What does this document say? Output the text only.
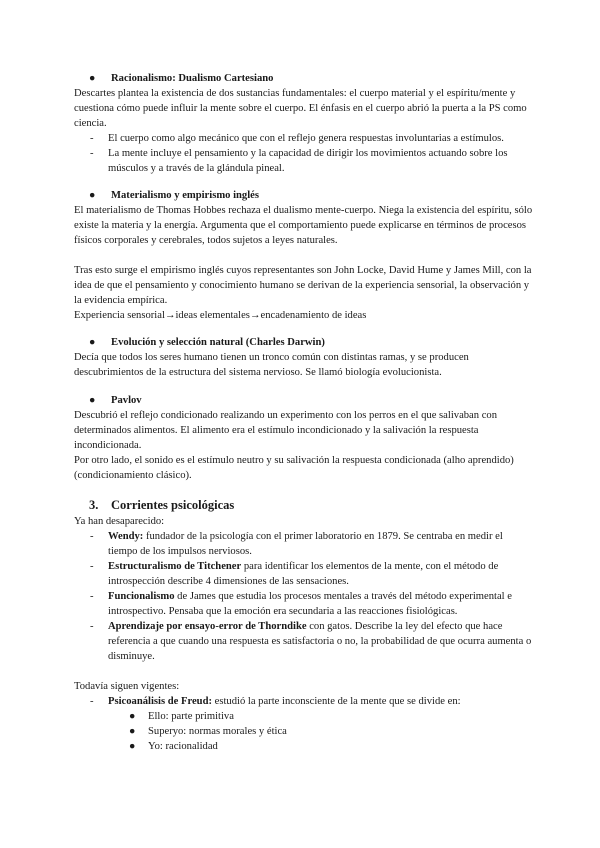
●	Racionalismo: Dualismo Cartesiano

Descartes plantea la existencia de dos sustancias fundamentales: el cuerpo material y el espíritu/mente y cuestiona cómo puede influir la mente sobre el cuerpo. El énfasis en el cuerpo abrió la puerta a la PS como ciencia.

-	El cuerpo como algo mecánico que con el reflejo genera respuestas involuntarias a estímulos.
-	La mente incluye el pensamiento y la capacidad de dirigir los movimientos actuando sobre los músculos y a través de la glándula pineal.
●	Materialismo y empirismo inglés

El materialismo de Thomas Hobbes rechaza el dualismo mente-cuerpo. Niega la existencia del espíritu, sólo existe la materia y la energía. Argumenta que el comportamiento puede explicarse en términos de procesos físicos corporales y cerebrales, todos sujetos a leyes naturales.

Tras esto surge el empirismo inglés cuyos representantes son John Locke, David Hume y James Mill, con la idea de que el pensamiento y conocimiento humano se derivan de la experiencia sensorial, la observación y la evidencia empírica.

Experiencia sensorial→ideas elementales→encadenamiento de ideas

●	Evolución y selección natural (Charles Darwin)

Decía que todos los seres humano tienen un tronco común con distintas ramas, y se producen descubrimientos de la estructura del sistema nervioso. Se llamó biología evolucionista.

●	Pavlov

Descubrió el reflejo condicionado realizando un experimento con los perros en el que salivaban con determinados alimentos. El alimento era el estímulo incondicionado y la salivación la respuesta incondicionada.

Por otro lado, el sonido es el estímulo neutro y su salivación la respuesta condicionada (alho aprendido)(condicionamiento clásico).

3.	Corrientes psicológicas

Ya han desaparecido:

-	Wendy: fundador de la psicología con el primer laboratorio en 1879. Se centraba en medir el tiempo de los impulsos nerviosos.
-	Estructuralismo de Titchener para identificar los elementos de la mente, con el método de introspección describe 4 dimensiones de las sensaciones.
-	Funcionalismo de James que estudia los procesos mentales a través del método experimental e introspectivo. Pensaba que la emoción era secundaria a las reacciones fisiológicas.
-	Aprendizaje por ensayo-error de Thorndike con gatos. Describe la ley del efecto que hace referencia a que cuando una respuesta es satisfactoria o no, la probabilidad de que ocurra aumenta o disminuye.

Todavía siguen vigentes:

-	Psicoanálisis de Freud: estudió la parte inconsciente de la mente que se divide en:
●	Ello: parte primitiva
●	Superyo: normas morales y ética
●	Yo: racionalidad
